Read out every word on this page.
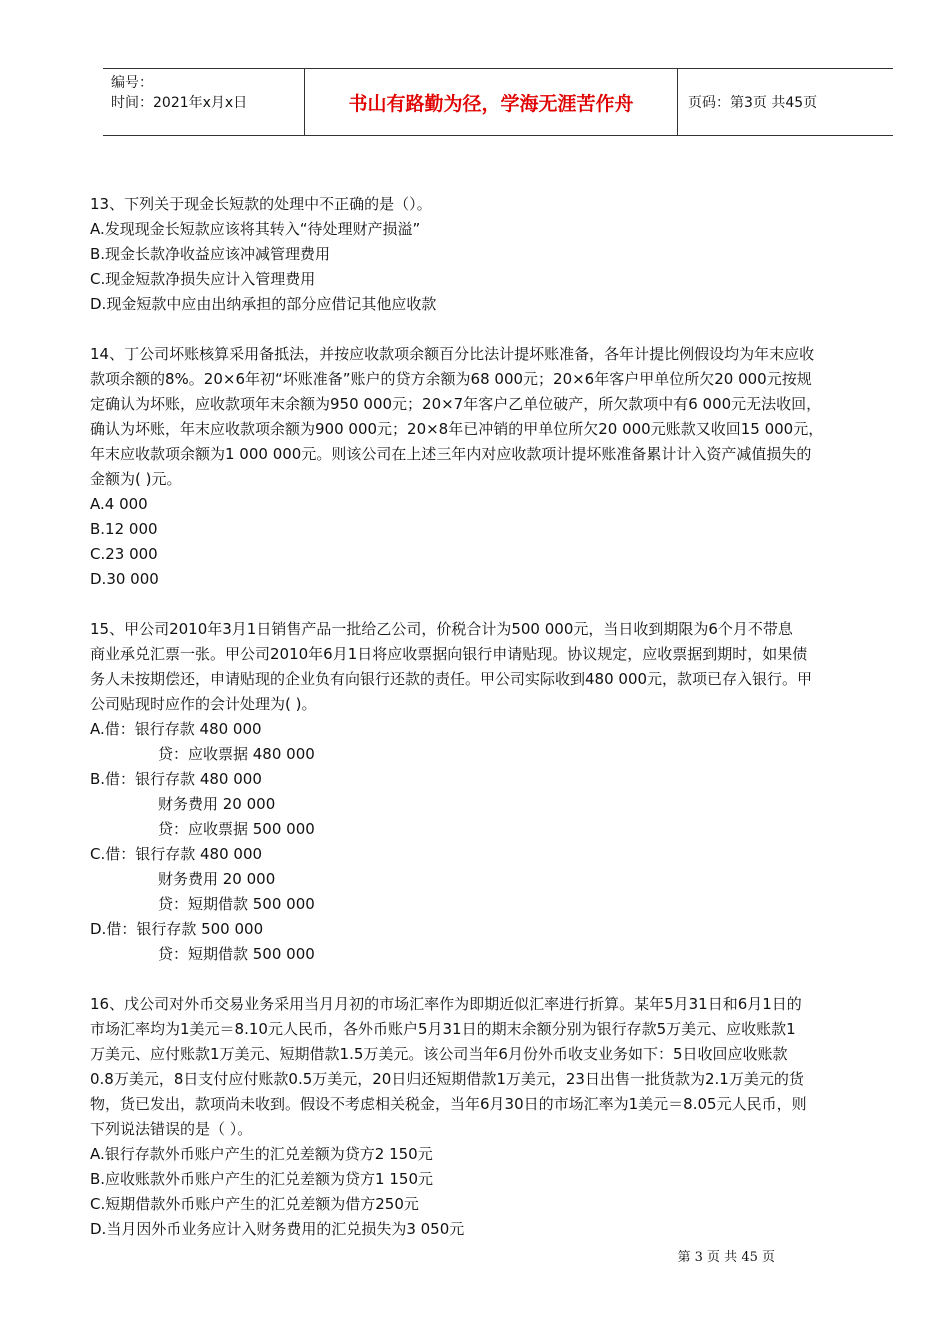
编号：
时间：2021年x月x日	书山有路勤为径，学海无涯苦作舟	页码：第3页 共45页
13、下列关于现金长短款的处理中不正确的是（）。
A.发现现金长短款应该将其转入“待处理财产损溢”
B.现金长款净收益应该冲减管理费用
C.现金短款净损失应计入管理费用
D.现金短款中应由出纳承担的部分应借记其他应收款
14、丁公司坏账核算采用备抵法，并按应收款项余额百分比法计提坏账准备，各年计提比例假设均为年末应收
款项余额的8%。20×6年初“坏账准备”账户的贷方余额为68 000元；20×6年客户甲单位所欠20 000元按规
定确认为坏账，应收款项年末余额为950 000元；20×7年客户乙单位破产，所欠款项中有6 000元无法收回，
确认为坏账，年末应收款项余额为900 000元；20×8年已冲销的甲单位所欠20 000元账款又收回15 000元，
年末应收款项余额为1 000 000元。则该公司在上述三年内对应收款项计提坏账准备累计计入资产减值损失的
金额为( )元。
A.4 000
B.12 000
C.23 000
D.30 000
15、甲公司2010年3月1日销售产品一批给乙公司，价税合计为500 000元，当日收到期限为6个月不带息
商业承兑汇票一张。甲公司2010年6月1日将应收票据向银行申请贴现。协议规定，应收票据到期时，如果债
务人未按期偿还，申请贴现的企业负有向银行还款的责任。甲公司实际收到480 000元，款项已存入银行。甲
公司贴现时应作的会计处理为( )。
A.借：银行存款 480 000
贷：应收票据 480 000
B.借：银行存款 480 000
财务费用 20 000
贷：应收票据 500 000
C.借：银行存款 480 000
财务费用 20 000
贷：短期借款 500 000
D.借：银行存款 500 000
贷：短期借款 500 000
16、戊公司对外币交易业务采用当月月初的市场汇率作为即期近似汇率进行折算。某年5月31日和6月1日的
市场汇率均为1美元＝8.10元人民币，各外币账户5月31日的期末余额分别为银行存款5万美元、应收账款1
万美元、应付账款1万美元、短期借款1.5万美元。该公司当年6月份外币收支业务如下：5日收回应收账款
0.8万美元，8日支付应付账款0.5万美元，20日归还短期借款1万美元，23日出售一批货款为2.1万美元的货
物，货已发出，款项尚未收到。假设不考虑相关税金，当年6月30日的市场汇率为1美元＝8.05元人民币，则
下列说法错误的是（ ）。
A.银行存款外币账户产生的汇兑差额为贷方2 150元
B.应收账款外币账户产生的汇兑差额为贷方1 150元
C.短期借款外币账户产生的汇兑差额为借方250元
D.当月因外币业务应计入财务费用的汇兑损失为3 050元
第 3 页 共 45 页
